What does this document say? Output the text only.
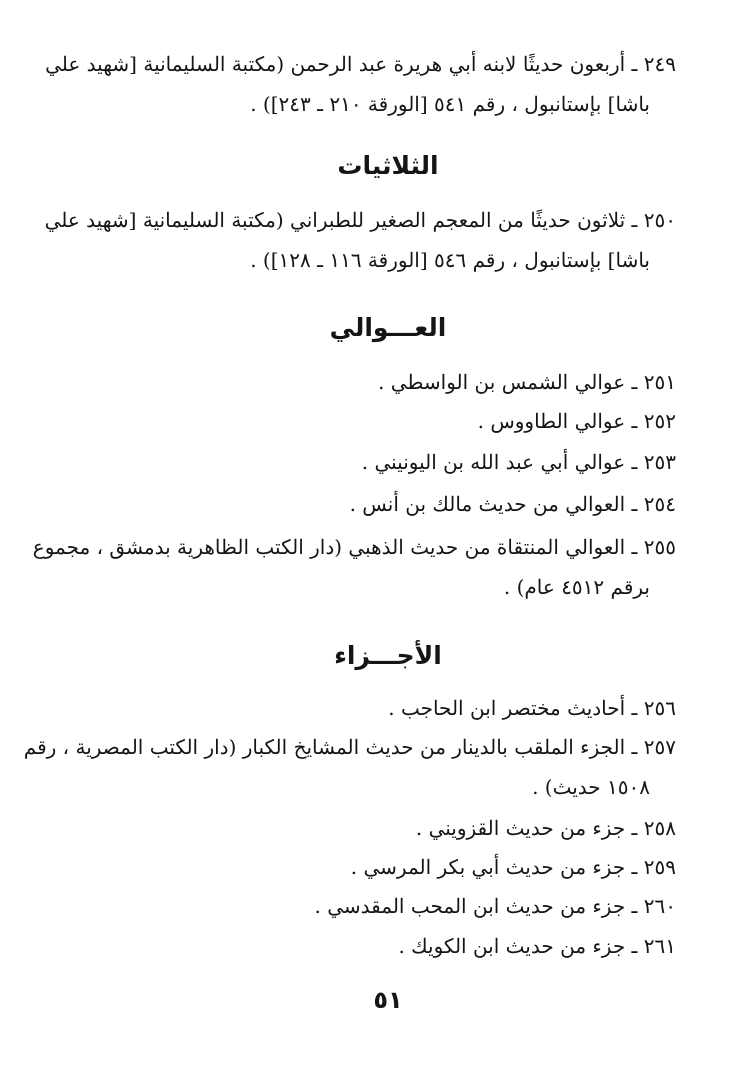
٢٤٩ ـ أربعون حديثًا لابنه أبي هريرة عبد الرحمن (مكتبة السليمانية [شهيد علي
باشا] بإستانبول ، رقم ٥٤١ [الورقة ٢١٠ ـ ٢٤٣]) .
الثلاثيات
٢٥٠ ـ ثلاثون حديثًا من المعجم الصغير للطبراني (مكتبة السليمانية [شهيد علي
باشا] بإستانبول ، رقم ٥٤٦ [الورقة ١١٦ ـ ١٢٨]) .
العـــوالي
٢٥١ ـ عوالي الشمس بن الواسطي .
٢٥٢ ـ عوالي الطاووس .
٢٥٣ ـ عوالي أبي عبد الله بن اليونيني .
٢٥٤ ـ العوالي من حديث مالك بن أنس .
٢٥٥ ـ العوالي المنتقاة من حديث الذهبي (دار الكتب الظاهرية بدمشق ، مجموع
برقم ٤٥١٢ عام) .
الأجـــزاء
٢٥٦ ـ أحاديث مختصر ابن الحاجب .
٢٥٧ ـ الجزء الملقب بالدينار من حديث المشايخ الكبار (دار الكتب المصرية ، رقم
١٥٠٨ حديث) .
٢٥٨ ـ جزء من حديث القزويني .
٢٥٩ ـ جزء من حديث أبي بكر المرسي .
٢٦٠ ـ جزء من حديث ابن المحب المقدسي .
٢٦١ ـ جزء من حديث ابن الكويك .
٥١
